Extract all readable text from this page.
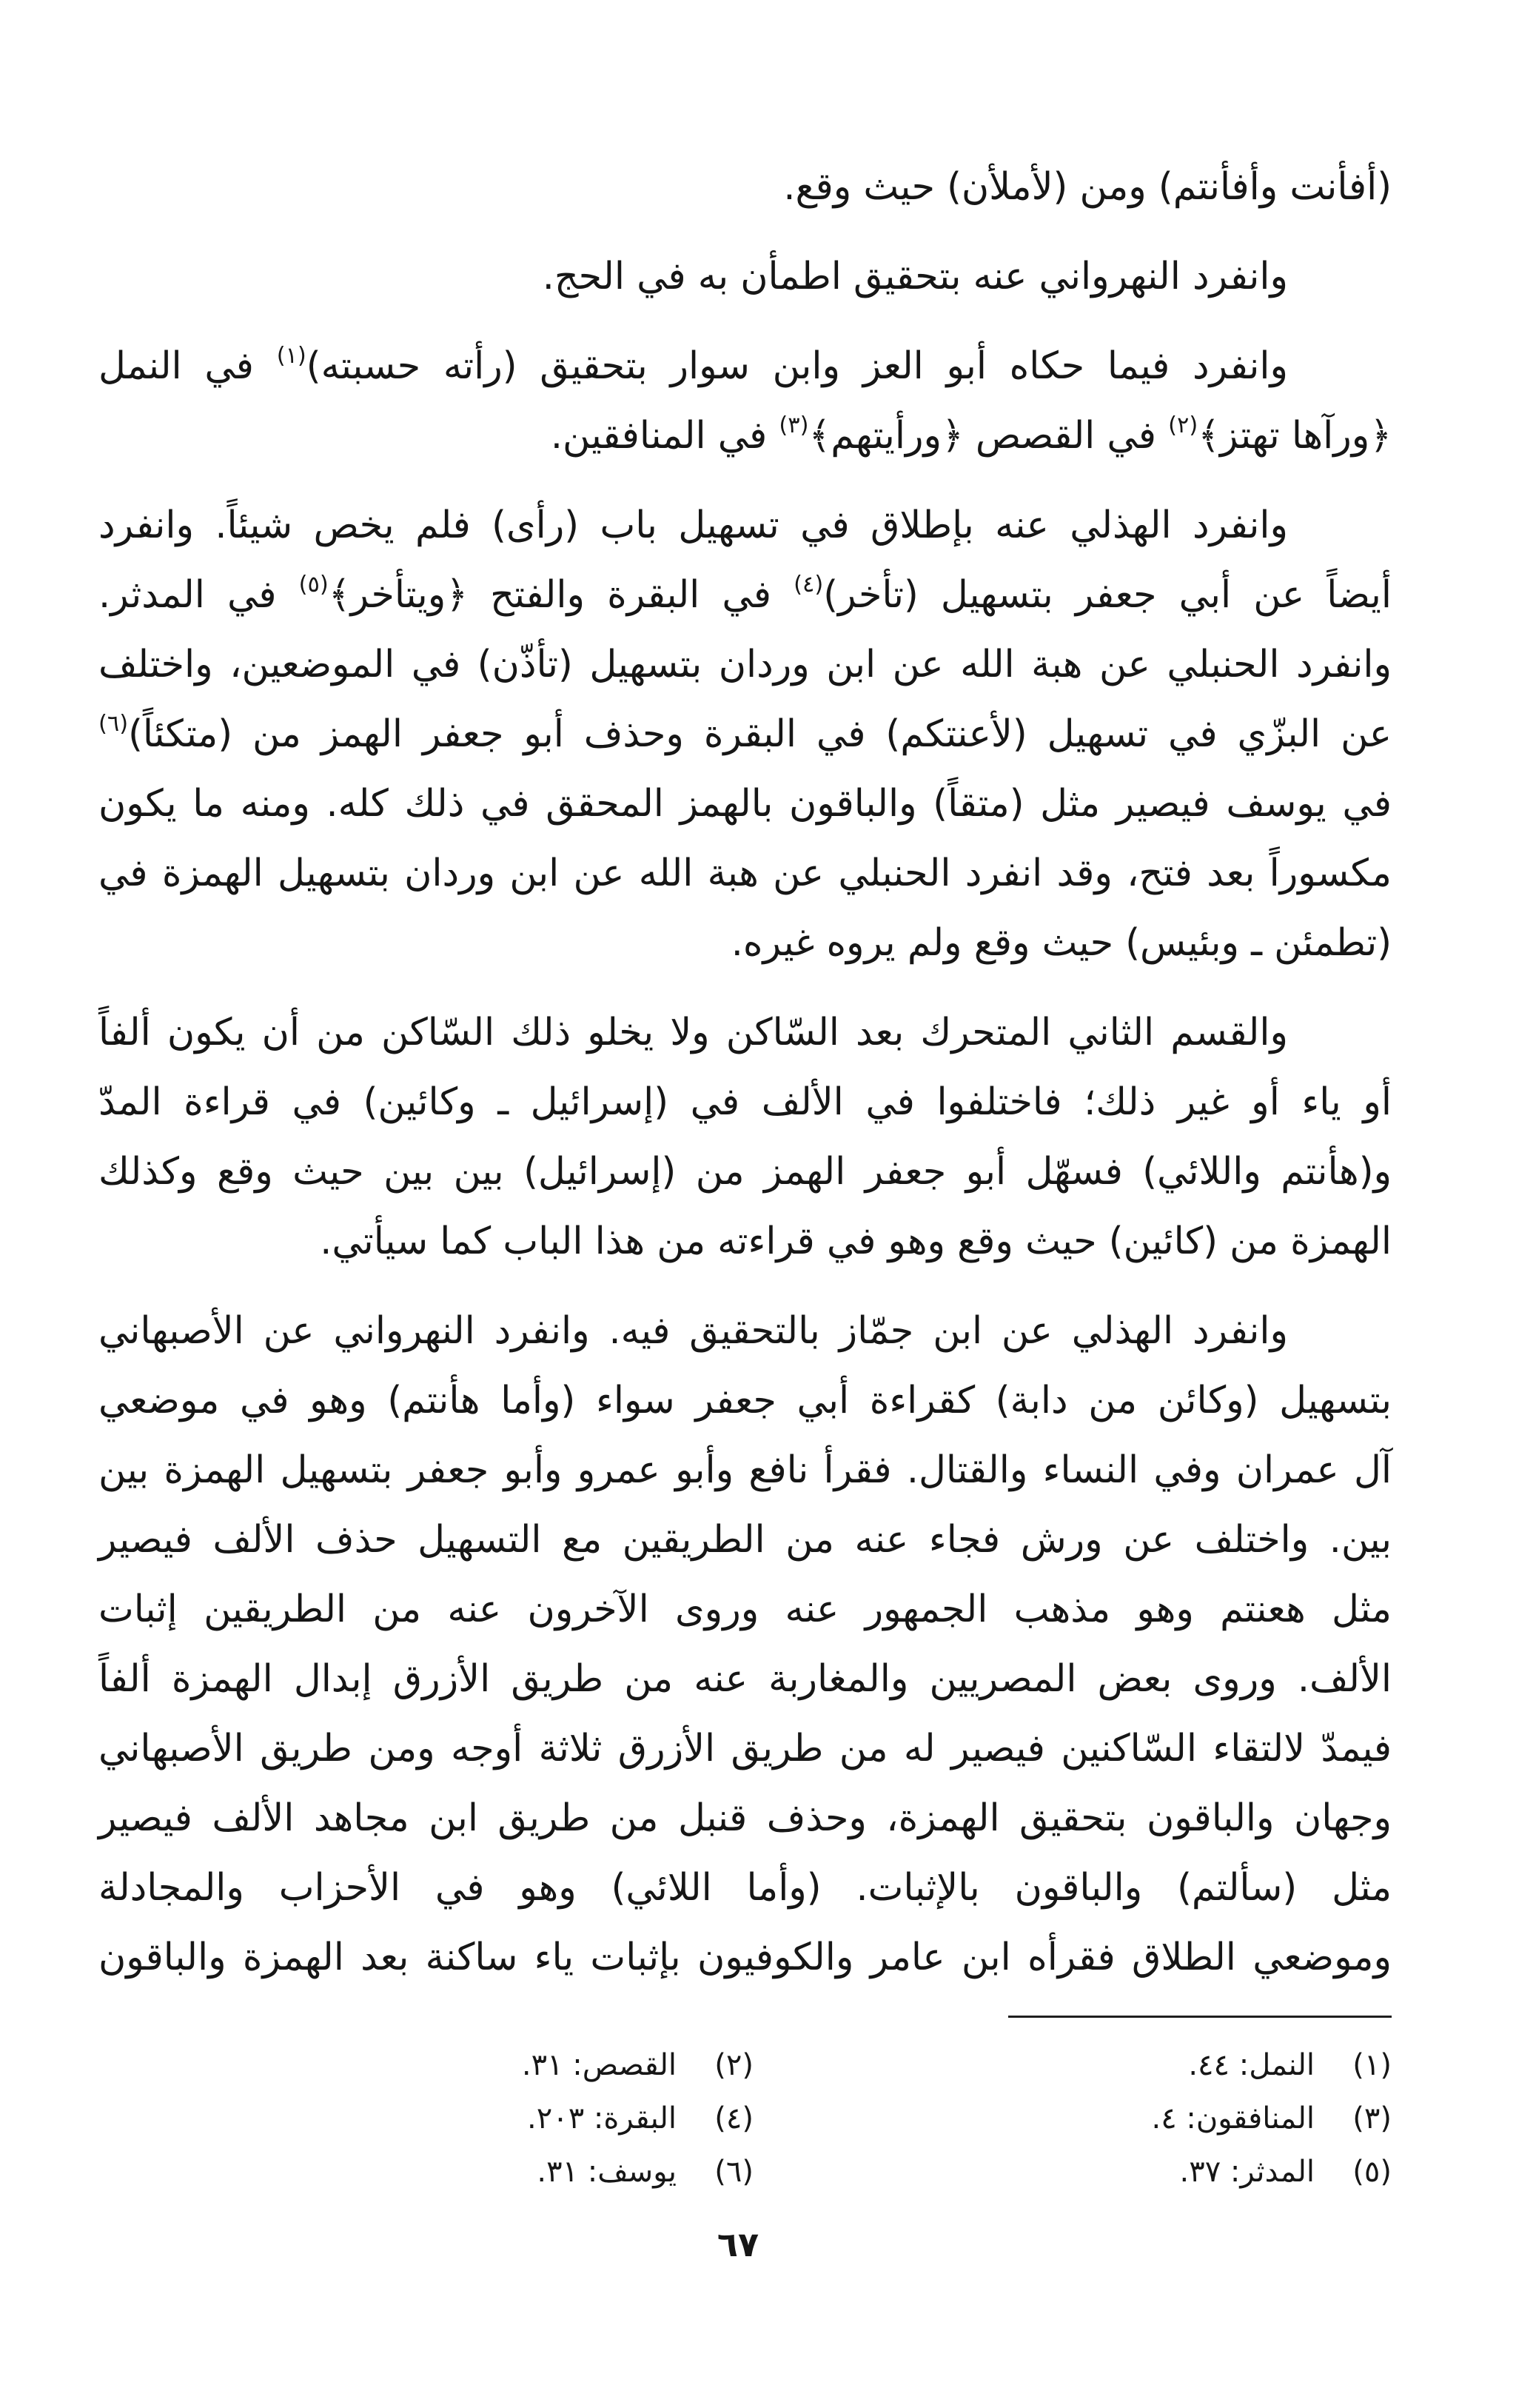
(أفأنت وأفأنتم) ومن (لأملأن) حيث وقع.
وانفرد النهرواني عنه بتحقيق اطمأن به في الحج.
وانفرد فيما حكاه أبو العز وابن سوار بتحقيق (رأته حسبته)$^{(١)}$ في النمل
﴿ورآها تهتز﴾$^{(٢)}$ في القصص ﴿ورأيتهم﴾$^{(٣)}$ في المنافقين.
وانفرد الهذلي عنه بإطلاق في تسهيل باب (رأى) فلم يخص شيئاً. وانفرد
أيضاً عن أبي جعفر بتسهيل (تأخر)$^{(٤)}$ في البقرة والفتح ﴿ويتأخر﴾$^{(٥)}$ في المدثر.
وانفرد الحنبلي عن هبة الله عن ابن وردان بتسهيل (تأذّن) في الموضعين، واختلف
عن البزّي في تسهيل (لأعنتكم) في البقرة وحذف أبو جعفر الهمز من (متكئاً)$^{(٦)}$
في يوسف فيصير مثل (متقاً) والباقون بالهمز المحقق في ذلك كله. ومنه ما يكون
مكسوراً بعد فتح، وقد انفرد الحنبلي عن هبة الله عن ابن وردان بتسهيل الهمزة في
(تطمئن ـ وبئيس) حيث وقع ولم يروه غيره.
والقسم الثاني المتحرك بعد السّاكن ولا يخلو ذلك السّاكن من أن يكون ألفاً
أو ياء أو غير ذلك؛ فاختلفوا في الألف في (إسرائيل ـ وكائين) في قراءة المدّ
و(هأنتم واللائي) فسهّل أبو جعفر الهمز من (إسرائيل) بين بين حيث وقع وكذلك
الهمزة من (كائين) حيث وقع وهو في قراءته من هذا الباب كما سيأتي.
وانفرد الهذلي عن ابن جمّاز بالتحقيق فيه. وانفرد النهرواني عن الأصبهاني
بتسهيل (وكائن من دابة) كقراءة أبي جعفر سواء (وأما هأنتم) وهو في موضعي
آل عمران وفي النساء والقتال. فقرأ نافع وأبو عمرو وأبو جعفر بتسهيل الهمزة بين
بين. واختلف عن ورش فجاء عنه من الطريقين مع التسهيل حذف الألف فيصير
مثل هعنتم وهو مذهب الجمهور عنه وروى الآخرون عنه من الطريقين إثبات
الألف. وروى بعض المصريين والمغاربة عنه من طريق الأزرق إبدال الهمزة ألفاً
فيمدّ لالتقاء السّاكنين فيصير له من طريق الأزرق ثلاثة أوجه ومن طريق الأصبهاني
وجهان والباقون بتحقيق الهمزة، وحذف قنبل من طريق ابن مجاهد الألف فيصير
مثل (سألتم) والباقون بالإثبات. (وأما اللائي) وهو في الأحزاب والمجادلة
وموضعي الطلاق فقرأه ابن عامر والكوفيون بإثبات ياء ساكنة بعد الهمزة والباقون
(١)النمل: ٤٤.
(٣)المنافقون: ٤.
(٥)المدثر: ٣٧.
(٢)القصص: ٣١.
(٤)البقرة: ٢٠٣.
(٦)يوسف: ٣١.
٦٧
